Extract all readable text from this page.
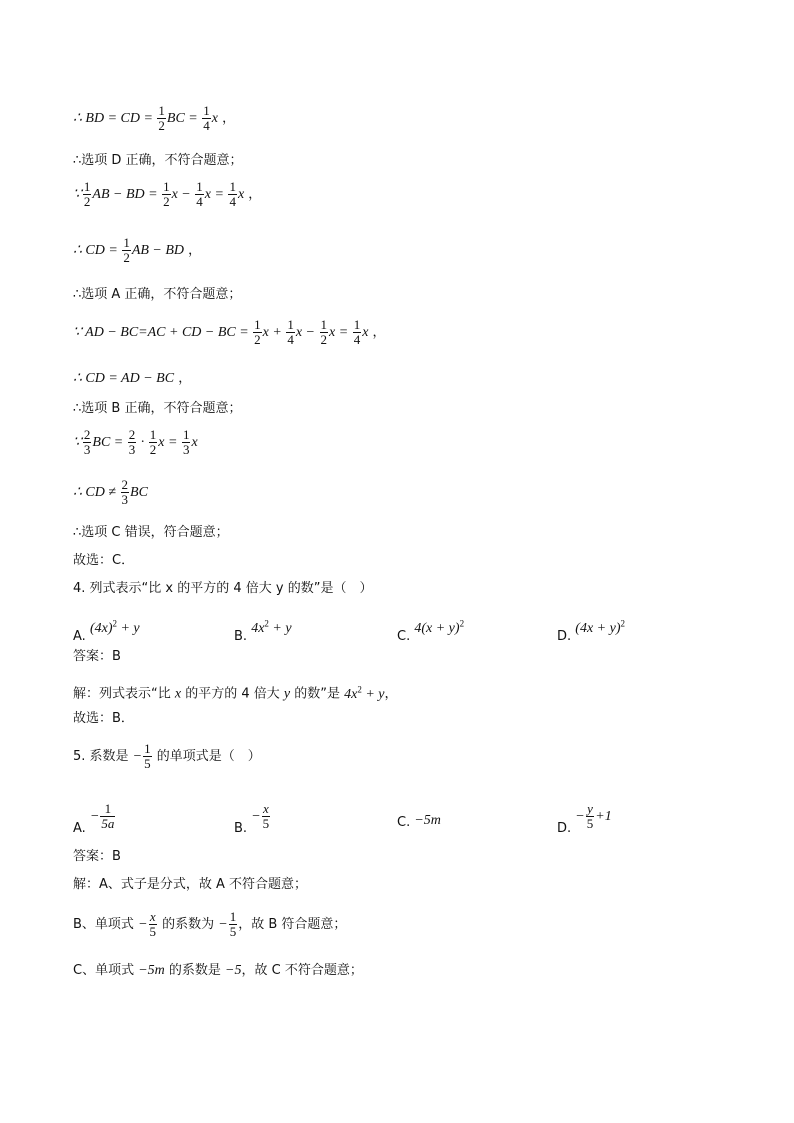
∴ BD = CD = $\frac{1}{2}$ BC = $\frac{1}{4}$ x ，
∴选项 D 正确，不符合题意；
∵ $\frac{1}{2}$ AB − BD = $\frac{1}{2}$ $x - \frac{1}{4}$ $x = \frac{1}{4}$ x ，
∴ CD = $\frac{1}{2}$ AB − BD ，
∴选项 A 正确，不符合题意；
∵ AD − BC=AC + CD − BC = $\frac{1}{2}$ $x + \frac{1}{4}$ $x - \frac{1}{2}$ $x = \frac{1}{4}$ x ，
∴ CD = AD − BC ，
∴选项 B 正确，不符合题意；
∵ $\frac{2}{3}$ BC = $\frac{2}{3} \cdot \frac{1}{2}$ $x = \frac{1}{3}$ x
∴ CD ≠ $\frac{2}{3}$ BC
∴选项 C 错误，符合题意；
故选：C．
4. 列式表示“比 x 的平方的 4 倍大 y 的数”是（　）
A. $(4x)^2 + y$
B. $4x^2 + y$
C. $4(x + y)^2$
D. $(4x + y)^2$
答案：B
解：列式表示“比 x 的平方的 4 倍大 y 的数”是 $4x^2 + y$，
故选：B．
5. 系数是 − $\frac{1}{5}$ 的单项式是（　）
A. − $\frac{1}{5a}$	B. − $\frac{x}{5}$	C. −5m
D. − $\frac{y}{5} +1$
答案：B
解：A、式子是分式，故 A 不符合题意；
B、单项式 − $\frac{x}{5}$ 的系数为 − $\frac{1}{5}$ ，故 B 符合题意；
C、单项式 −5m 的系数是 −5，故 C 不符合题意；
